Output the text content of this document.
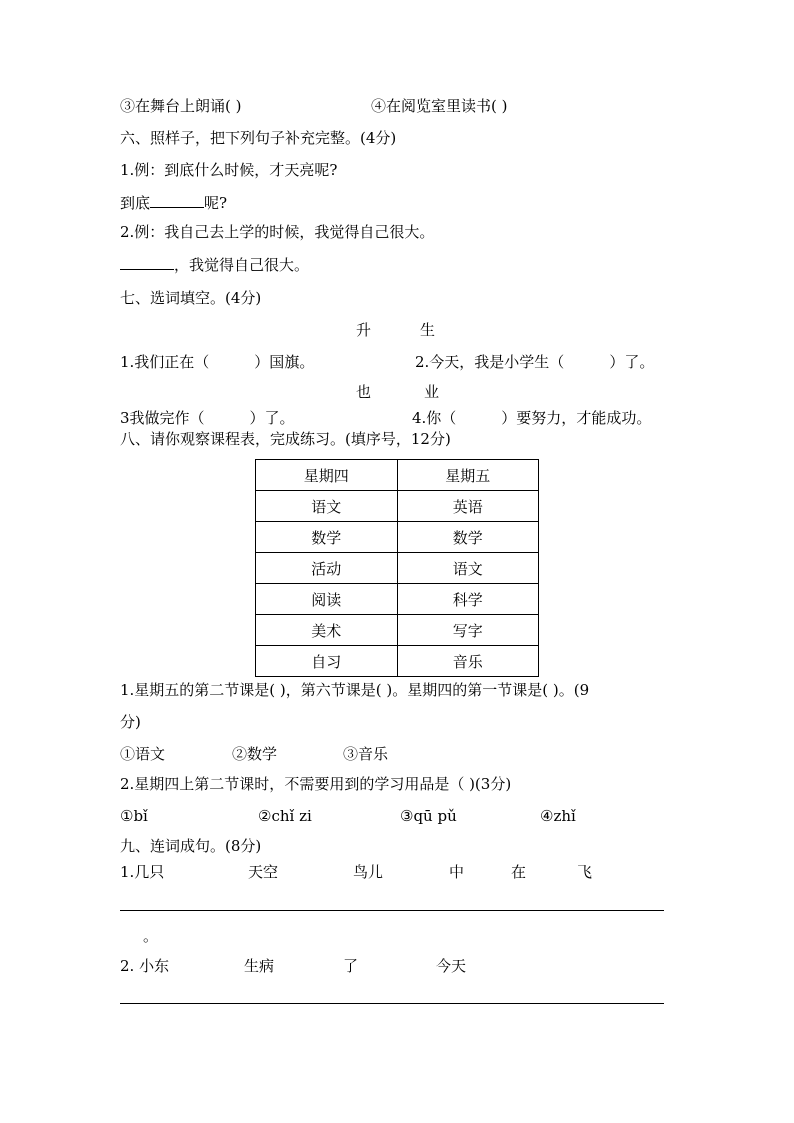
③在舞台上朗诵( )	④在阅览室里读书( )
六、照样子，把下列句子补充完整。(4分)
1.例：到底什么时候，才天亮呢?
到底	呢?
2.例：我自己去上学的时候，我觉得自己很大。
，我觉得自己很大。
七、选词填空。(4分)
升	生
1.我们正在（　　　）国旗。	2.今天，我是小学生（　　　）了。
也	业
3我做完作（　　　）了。	4.你（　　　）要努力，才能成功。
八、请你观察课程表，完成练习。(填序号，12分)
星期四	星期五
语文	英语
数学	数学
活动	语文
阅读	科学
美术	写字
自习	音乐
1.星期五的第二节课是( )，第六节课是( )。星期四的第一节课是( )。(9
分)
①语文	②数学	③音乐
2.星期四上第二节课时，不需要用到的学习用品是（ )(3分)
①bǐ	②chǐ zi	③qū pǔ	④zhǐ
九、连词成句。(8分)
1.几只	天空	鸟儿	中	在	飞
。
2. 小东	生病	了	今天
